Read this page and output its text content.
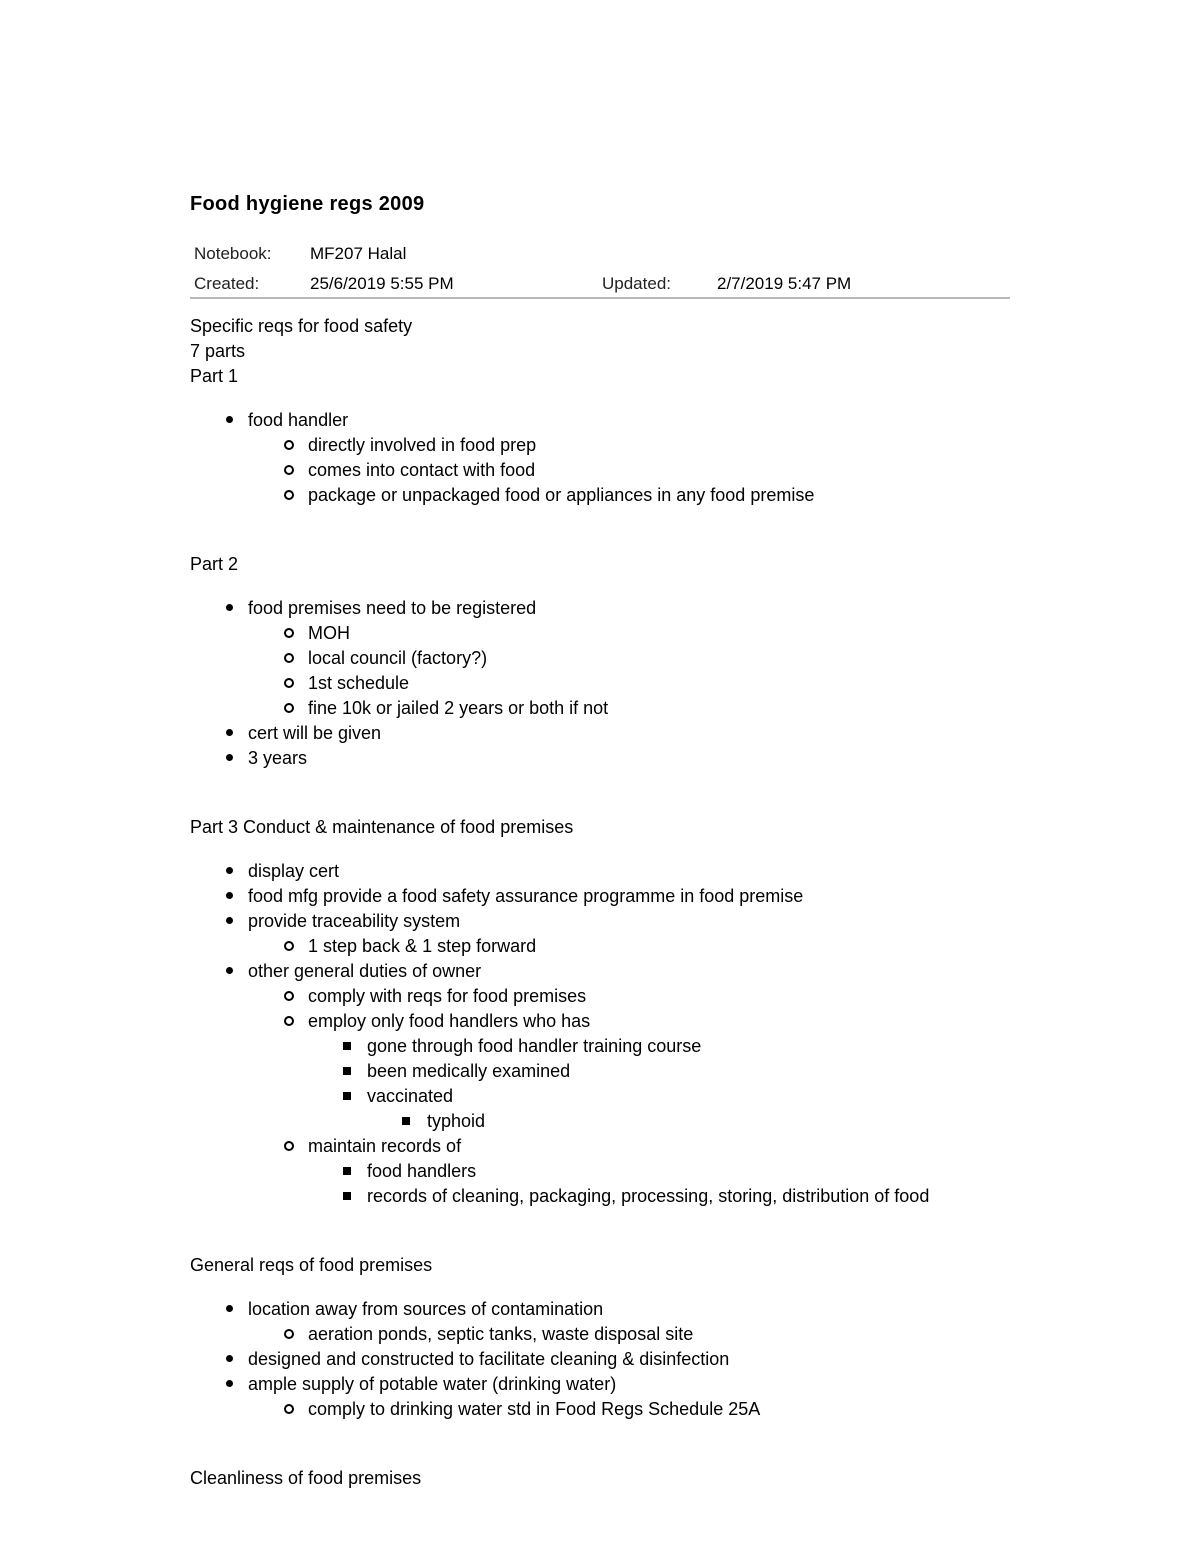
Food hygiene regs 2009
Notebook: MF207 Halal
Created:	25/6/2019 5:55 PM	Updated:	2/7/2019 5:47 PM
Specific reqs for food safety
7 parts
Part 1
food handler
directly involved in food prep
comes into contact with food
package or unpackaged food or appliances in any food premise
Part 2
food premises need to be registered
MOH
local council (factory?)
1st schedule
fine 10k or jailed 2 years or both if not
cert will be given
3 years
Part 3 Conduct & maintenance of food premises
display cert
food mfg provide a food safety assurance programme in food premise
provide traceability system
1 step back & 1 step forward
other general duties of owner
comply with reqs for food premises
employ only food handlers who has
gone through food handler training course
been medically examined
vaccinated
typhoid
maintain records of
food handlers
records of cleaning, packaging, processing, storing, distribution of food
General reqs of food premises
location away from sources of contamination
aeration ponds, septic tanks, waste disposal site
designed and constructed to facilitate cleaning & disinfection
ample supply of potable water (drinking water)
comply to drinking water std in Food Regs Schedule 25A
Cleanliness of food premises
